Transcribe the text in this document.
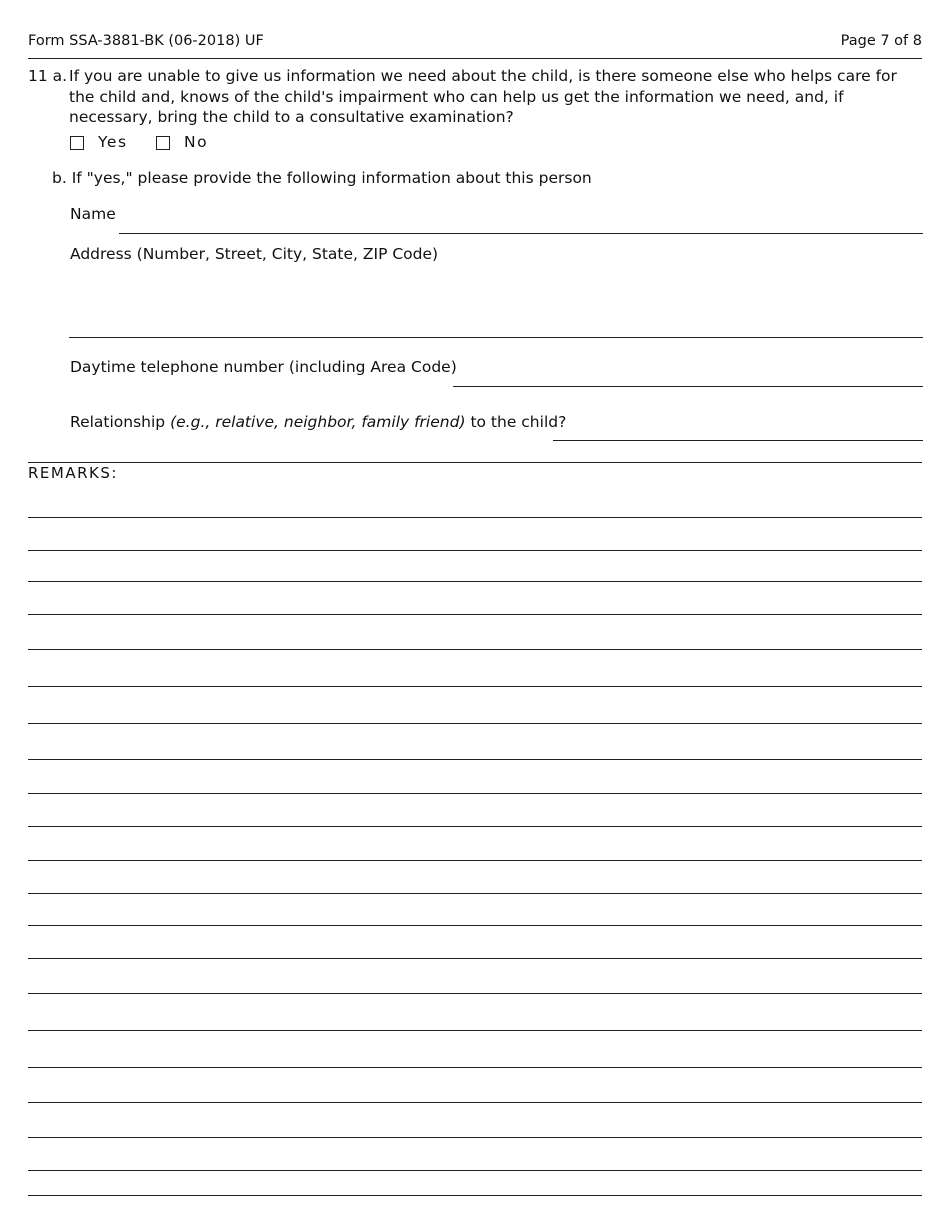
Form SSA-3881-BK (06-2018) UF	Page 7 of 8
11 a. If you are unable to give us information we need about the child, is there someone else who helps care for the child and, knows of the child's impairment who can help us get the information we need, and, if necessary, bring the child to a consultative examination?
Yes	No
b. If "yes," please provide the following information about this person
Name
Address (Number, Street, City, State, ZIP Code)
Daytime telephone number (including Area Code)
Relationship (e.g., relative, neighbor, family friend) to the child?
REMARKS:
